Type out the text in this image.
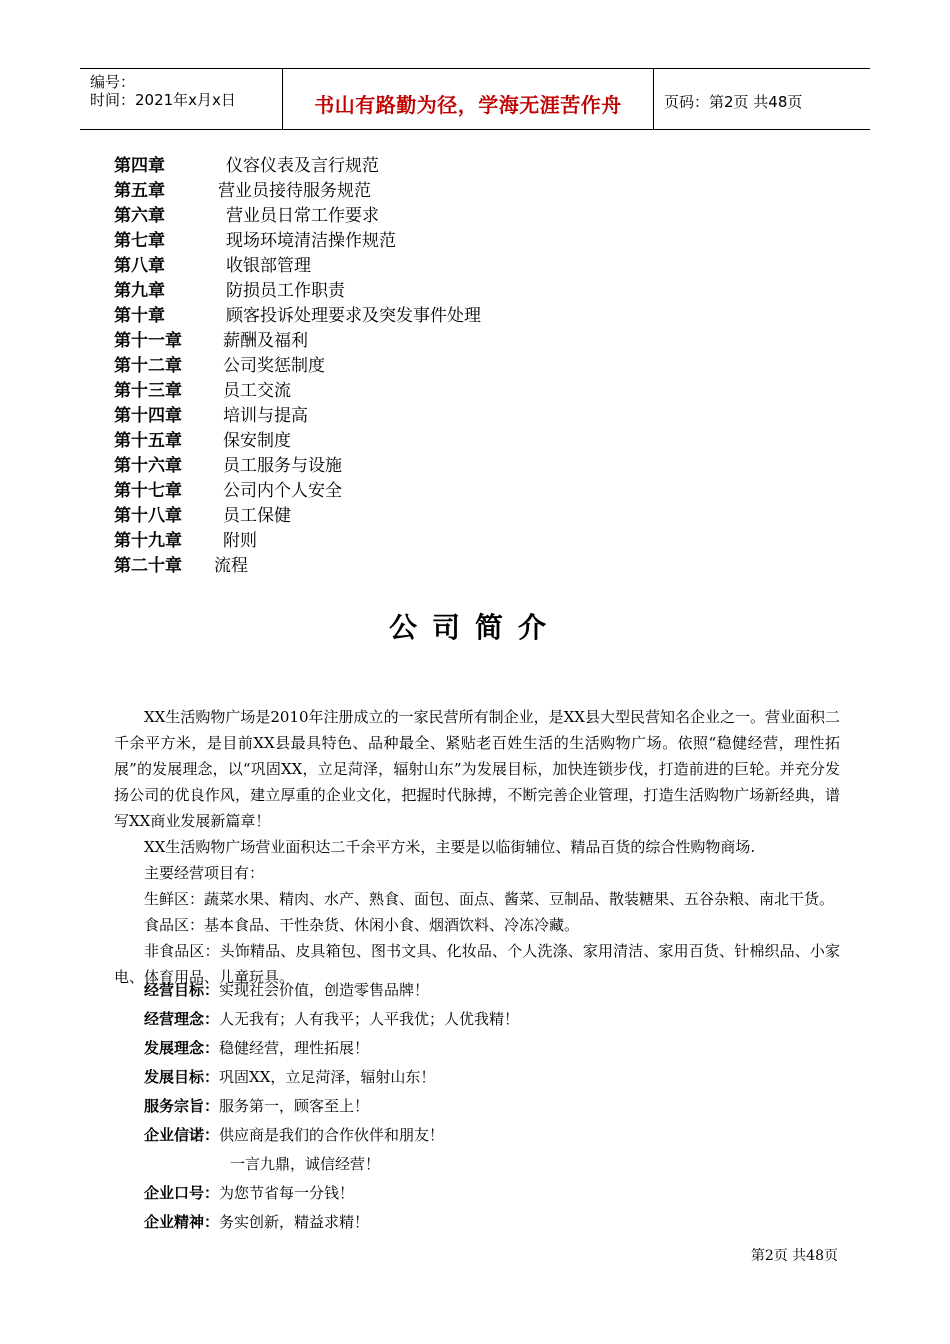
编号：
时间：2021年x月x日	书山有路勤为径，学海无涯苦作舟	页码：第2页 共48页
第四章	仪容仪表及言行规范
第五章	营业员接待服务规范
第六章	营业员日常工作要求
第七章	现场环境清洁操作规范
第八章	收银部管理
第九章	防损员工作职责
第十章	顾客投诉处理要求及突发事件处理
第十一章 薪酬及福利
第十二章 公司奖惩制度
第十三章 员工交流
第十四章 培训与提高
第十五章 保安制度
第十六章 员工服务与设施
第十七章 公司内个人安全
第十八章 员工保健
第十九章 附则
第二十章 流程
公司简介

XX生活购物广场是2010年注册成立的一家民营所有制企业，是XX县大型民营知名企业之一。营业面积二千余平方米，是目前XX县最具特色、品种最全、紧贴老百姓生活的生活购物广场。依照“稳健经营，理性拓展”的发展理念，以“巩固XX，立足菏泽，辐射山东”为发展目标，加快连锁步伐，打造前进的巨轮。并充分发扬公司的优良作风，建立厚重的企业文化，把握时代脉搏，不断完善企业管理，打造生活购物广场新经典，谱写XX商业发展新篇章！

XX生活购物广场营业面积达二千余平方米，主要是以临街辅位、精品百货的综合性购物商场.

主要经营项目有：

生鲜区：蔬菜水果、精肉、水产、熟食、面包、面点、酱菜、豆制品、散装糖果、五谷杂粮、南北干货。

食品区：基本食品、干性杂货、休闲小食、烟酒饮料、冷冻冷藏。

非食品区：头饰精品、皮具箱包、图书文具、化妆品、个人洗涤、家用清洁、家用百货、针棉织品、小家电、体育用品、儿童玩具。

经营目标：实现社会价值，创造零售品牌！
经营理念：人无我有；人有我平；人平我优；人优我精！
发展理念：稳健经营，理性拓展！
发展目标：巩固XX，立足菏泽，辐射山东！
服务宗旨：服务第一，顾客至上！
企业信诺：供应商是我们的合作伙伴和朋友！
一言九鼎，诚信经营！
企业口号：为您节省每一分钱！
企业精神：务实创新，精益求精！
第2页 共48页
